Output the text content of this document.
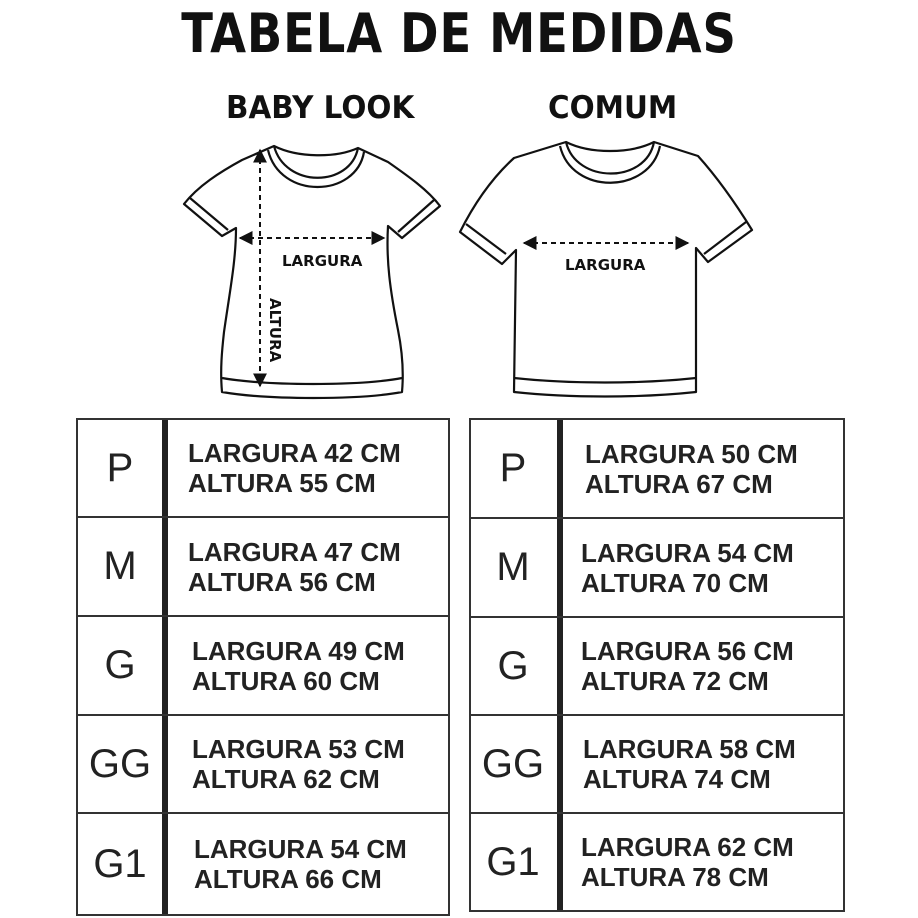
TABELA DE MEDIDAS
BABY LOOK	COMUM
LARGURA
ALTURA
LARGURA
P	LARGURA 42 CM
ALTURA 55 CM
M	LARGURA 47 CM
ALTURA 56 CM
G	LARGURA 49 CM
ALTURA 60 CM
GG	LARGURA 53 CM
ALTURA 62 CM
G1	LARGURA 54 CM
ALTURA 66 CM
P	LARGURA 50 CM
ALTURA 67 CM
M	LARGURA 54 CM
ALTURA 70 CM
G	LARGURA 56 CM
ALTURA 72 CM
GG	LARGURA 58 CM
ALTURA 74 CM
G1	LARGURA 62 CM
ALTURA 78 CM
